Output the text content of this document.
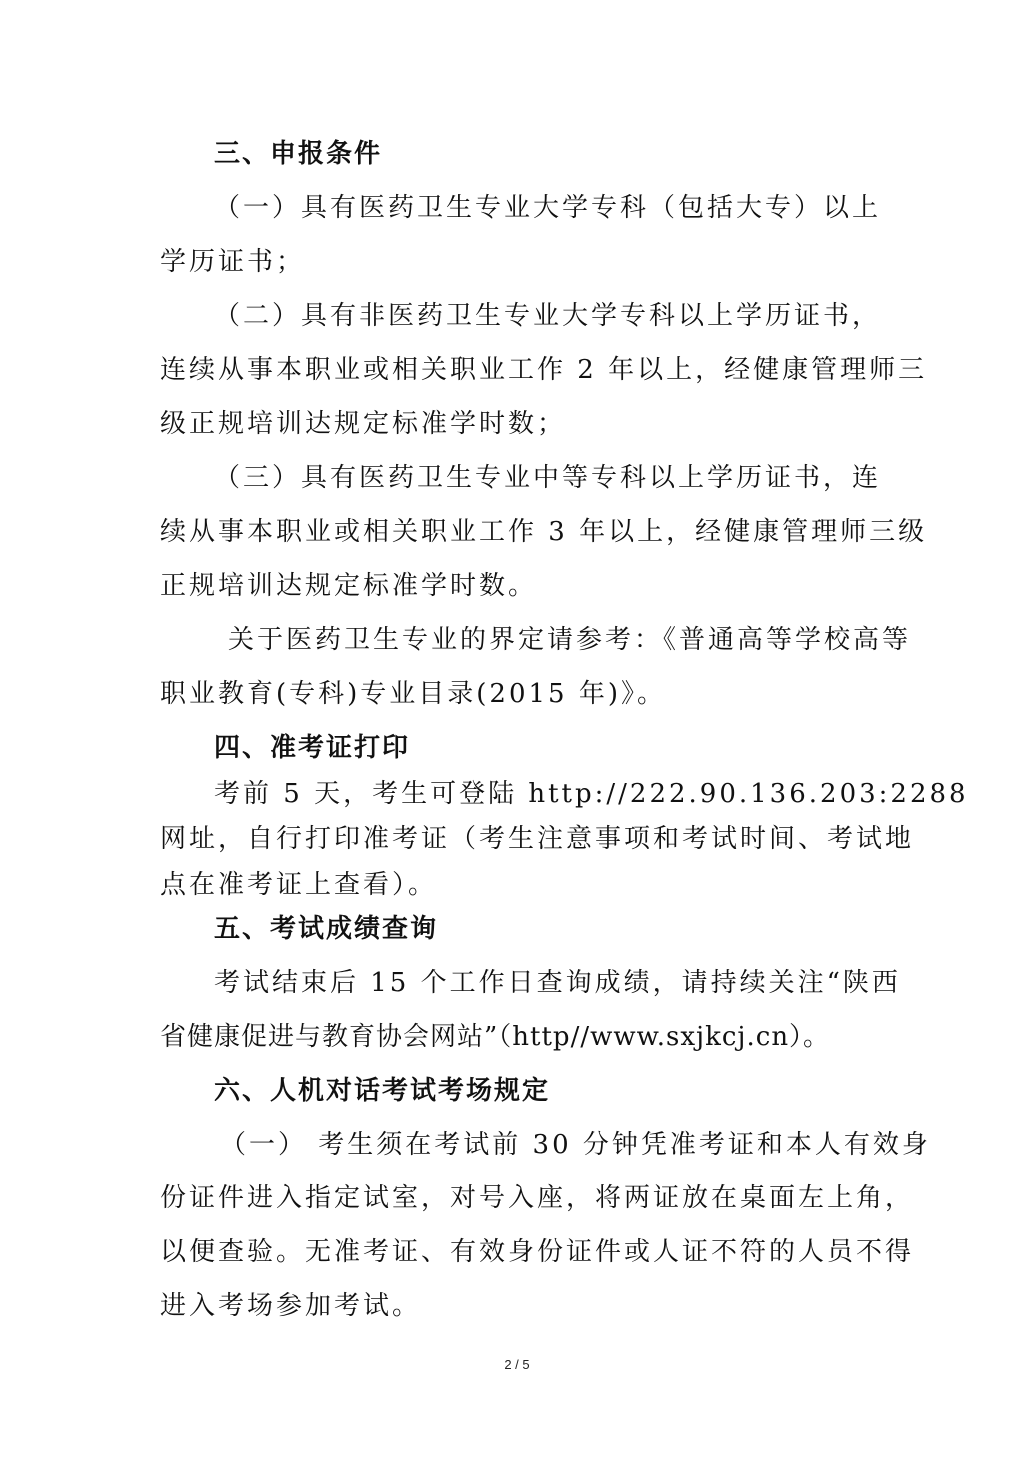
三、申报条件
（一）具有医药卫生专业大学专科（包括大专）以上
学历证书；
（二）具有非医药卫生专业大学专科以上学历证书，
连续从事本职业或相关职业工作 2 年以上，经健康管理师三
级正规培训达规定标准学时数；
（三）具有医药卫生专业中等专科以上学历证书，连
续从事本职业或相关职业工作 3 年以上，经健康管理师三级
正规培训达规定标准学时数。
关于医药卫生专业的界定请参考：《普通高等学校高等
职业教育(专科)专业目录(2015 年)》。
四、准考证打印
考前 5 天，考生可登陆 http://222.90.136.203:2288
网址，自行打印准考证（考生注意事项和考试时间、考试地
点在准考证上查看）。
五、考试成绩查询
考试结束后 15 个工作日查询成绩，请持续关注“陕西
省健康促进与教育协会网站”（http//www.sxjkcj.cn）。
六、人机对话考试考场规定
（一） 考生须在考试前 30 分钟凭准考证和本人有效身
份证件进入指定试室，对号入座，将两证放在桌面左上角，
以便查验。无准考证、有效身份证件或人证不符的人员不得
进入考场参加考试。
2 / 5
